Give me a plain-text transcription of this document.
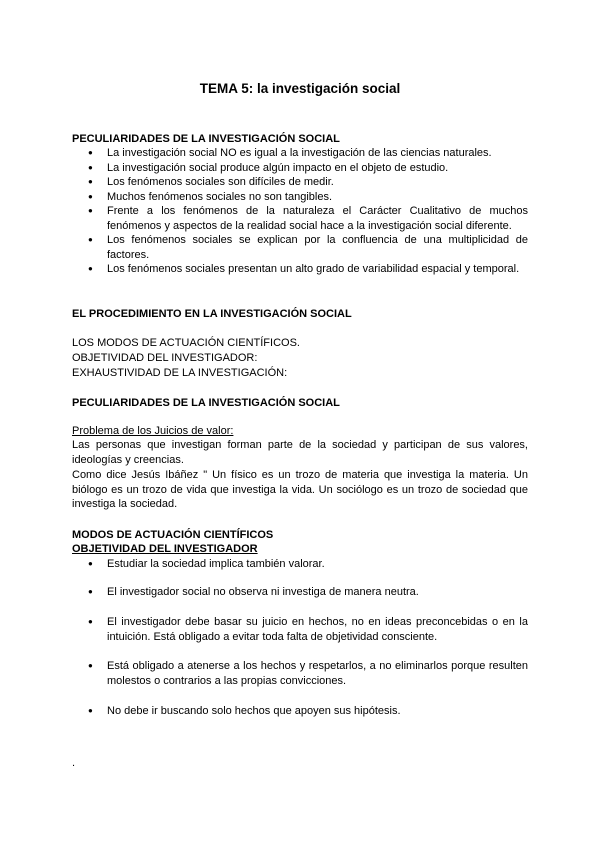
TEMA 5: la investigación social
PECULIARIDADES DE LA INVESTIGACIÓN SOCIAL
● La investigación social NO es igual a la investigación de las ciencias naturales.
● La investigación social produce algún impacto en el objeto de estudio.
● Los fenómenos sociales son difíciles de medir.
● Muchos fenómenos sociales no son tangibles.
● Frente a los fenómenos de la naturaleza el Carácter Cualitativo de muchos fenómenos y aspectos de la realidad social hace a la investigación social diferente.
● Los fenómenos sociales se explican por la confluencia de una multiplicidad de factores.
● Los fenómenos sociales presentan un alto grado de variabilidad espacial y temporal.
EL PROCEDIMIENTO EN LA INVESTIGACIÓN SOCIAL
LOS MODOS DE ACTUACIÓN CIENTÍFICOS.
OBJETIVIDAD DEL INVESTIGADOR:
EXHAUSTIVIDAD DE LA INVESTIGACIÓN:
PECULIARIDADES DE LA INVESTIGACIÓN SOCIAL
Problema de los Juicios de valor:
Las personas que investigan forman parte de la sociedad y participan de sus valores, ideologías y creencias.
Como dice Jesús Ibáñez " Un físico es un trozo de materia que investiga la materia. Un biólogo es un trozo de vida que investiga la vida. Un sociólogo es un trozo de sociedad que investiga la sociedad.
MODOS DE ACTUACIÓN CIENTÍFICOS
OBJETIVIDAD DEL INVESTIGADOR
● Estudiar la sociedad implica también valorar.
● El investigador social no observa ni investiga de manera neutra.
● El investigador debe basar su juicio en hechos, no en ideas preconcebidas o en la intuición. Está obligado a evitar toda falta de objetividad consciente.
● Está obligado a atenerse a los hechos y respetarlos, a no eliminarlos porque resulten molestos o contrarios a las propias convicciones.
● No debe ir buscando solo hechos que apoyen sus hipótesis.
.
